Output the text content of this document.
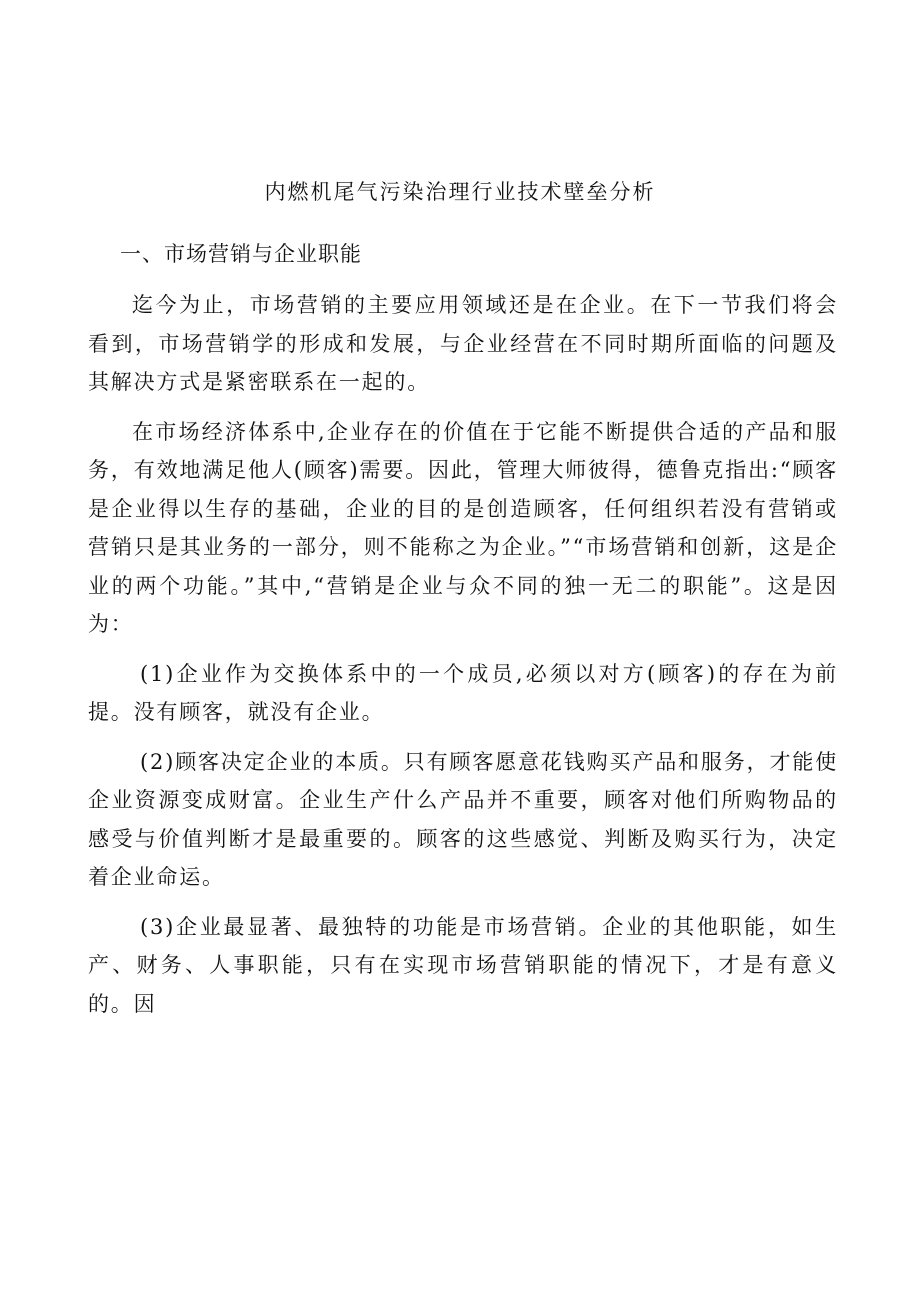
内燃机尾气污染治理行业技术壁垒分析
一、市场营销与企业职能

迄今为止，市场营销的主要应用领域还是在企业。在下一节我们将会看到，市场营销学的形成和发展，与企业经营在不同时期所面临的问题及其解决方式是紧密联系在一起的。

在市场经济体系中,企业存在的价值在于它能不断提供合适的产品和服务，有效地满足他人(顾客)需要。因此，管理大师彼得，德鲁克指出:“顾客是企业得以生存的基础，企业的目的是创造顾客，任何组织若没有营销或营销只是其业务的一部分，则不能称之为企业。”“市场营销和创新，这是企业的两个功能。”其中,“营销是企业与众不同的独一无二的职能”。这是因为：

(1)企业作为交换体系中的一个成员,必须以对方(顾客)的存在为前提。没有顾客，就没有企业。

(2)顾客决定企业的本质。只有顾客愿意花钱购买产品和服务，才能使企业资源变成财富。企业生产什么产品并不重要，顾客对他们所购物品的感受与价值判断才是最重要的。顾客的这些感觉、判断及购买行为，决定着企业命运。

(3)企业最显著、最独特的功能是市场营销。企业的其他职能，如生产、财务、人事职能，只有在实现市场营销职能的情况下，才是有意义的。因
